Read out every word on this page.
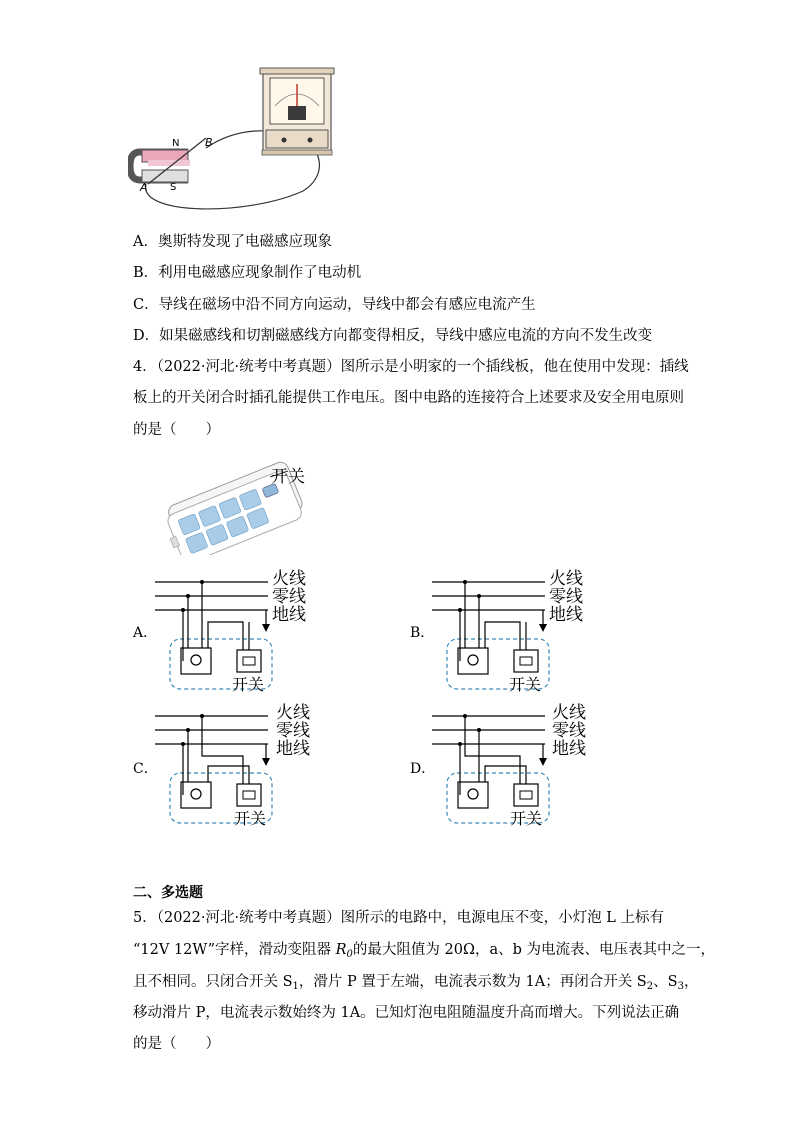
N
S
A
B
A．奥斯特发现了电磁感应现象
B．利用电磁感应现象制作了电动机
C．导线在磁场中沿不同方向运动，导线中都会有感应电流产生
D．如果磁感线和切割磁感线方向都变得相反，导线中感应电流的方向不发生改变
4．（2022·河北·统考中考真题）图所示是小明家的一个插线板，他在使用中发现：插线
板上的开关闭合时插孔能提供工作电压。图中电路的连接符合上述要求及安全用电原则
的是（　　）
开关
A．
火线
零线
地线
开关
B．
火线
零线
地线
开关
C．
火线
零线
地线
开关
D．
火线
零线
地线
开关
二、多选题
5．（2022·河北·统考中考真题）图所示的电路中，电源电压不变，小灯泡 L 上标有
“12V 12W”字样，滑动变阻器 $R_0$的最大阻值为 20Ω，a、b 为电流表、电压表其中之一，
且不相同。只闭合开关 $S_1$，滑片 P 置于左端，电流表示数为 1A；再闭合开关 $S_2$、$S_3$，
移动滑片 P，电流表示数始终为 1A。已知灯泡电阻随温度升高而增大。下列说法正确
的是（　　）
